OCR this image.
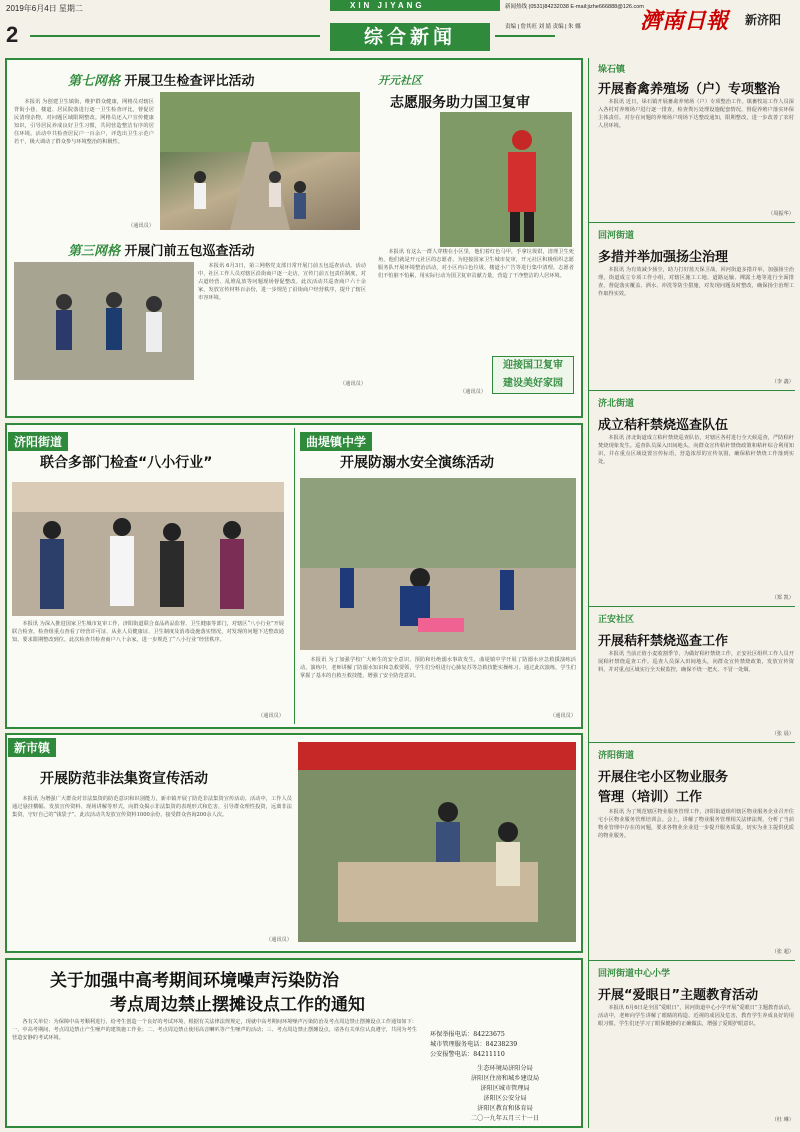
2019年6月4日 星期二	XIN JIYANG	新闻热线 (0531)84232038 E-mail:jizhe666888@126.com
责编 | 詹其旺 刘 婧 责编 | 朱 娜	濟南日報 新济阳
2	综合新闻
第七网格 开展卫生检查评比活动

本报讯 为创建卫生镇街，维护群众健康，网格员对辖区背街小巷、楼道、居民院落进行逐一卫生检查评比，督促居民清理杂物，对问题区域限期整改。网格员还入户宣传健康知识，引导居民养成良好卫生习惯，共同营造整洁有序的居住环境。活动中共检查居民户一百余户，评选出卫生示范户若干，极大调动了群众参与环境整治的积极性。

（通讯员）
第三网格 开展门前五包巡查活动

本报讯 6月3日，第三网格党支部日常开展门前五包巡查活动。活动中，社区工作人员对辖区沿街商户逐一走访，宣传门前五包责任制度，对占道经营、乱堆乱放等问题现场督促整改。此次活动共巡查商户六十余家，发放宣传材料百余份，进一步规范了沿街商户经营秩序，提升了辖区市容环境。

（通讯员）
开元社区
志愿服务助力国卫复审

本报讯 有这么一群人穿梭在小区里，他们着红色马甲，手拿垃圾钳，清理卫生死角，他们就是开元社区的志愿者。为迎接国家卫生城市复审，开元社区积极组织志愿服务队开展环境整治活动，对小区内白色垃圾、楼道小广告等进行集中清理。志愿者们不怕脏不怕累，用实际行动为国卫复审贡献力量，营造了干净整洁的人居环境。

迎接国卫复审
建设美好家园
（通讯员）
济阳街道
联合多部门检查“八小行业”

本报讯 为深入推进国家卫生城市复审工作，济阳街道联合食品药品监督、卫生健康等部门，对辖区“八小行业”开展联合检查。检查组重点查看了经营许可证、从业人员健康证、卫生制度及消毒设施落实情况，对发现的问题下达整改通知，要求限期整改到位。此次检查共检查商户八十余家，进一步规范了“八小行业”经营秩序。

（通讯员）
曲堤镇中学
开展防溺水安全演练活动

本报讯 为了加强学校广大师生的安全意识，预防和杜绝溺水事故发生，曲堤镇中学开展了防溺水应急救援演练活动。演练中，老师讲解了防溺水知识和急救要领，学生们分组进行心肺复苏等急救技能实操练习。通过此次演练，学生们掌握了基本的自救互救技能，增强了安全防范意识。

（通讯员）
新市镇
开展防范非法集资宣传活动

本报讯 为增强广大群众对非法集资的防范意识和识别能力，新市镇开展了防范非法集资宣传活动。活动中，工作人员通过悬挂横幅、发放宣传资料、现场讲解等形式，向群众揭示非法集资的表现形式和危害，引导群众理性投资，远离非法集资，守好自己的“钱袋子”。此次活动共发放宣传资料1000余份，接受群众咨询200余人次。

（通讯员）
关于加强中高考期间环境噪声污染防治
考点周边禁止摆摊设点工作的通知

各有关单位：为保障中高考顺利进行，给考生创造一个良好的考试环境，根据有关法律法规规定，现就中高考期间环境噪声污染防治及考点周边禁止摆摊设点工作通知如下：一、中高考期间，考点周边禁止产生噪声的建筑施工作业；二、考点周边禁止使用高音喇叭等产生噪声的活动；三、考点周边禁止摆摊设点。请各有关单位认真遵守，共同为考生营造安静的考试环境。	环保举报电话：84223675
城市管理服务电话：84238239
公安报警电话：84211110
生态环境局济阳分局
济阳区住房和城乡建设局
济阳区城市管理局
济阳区公安分局
济阳区教育和体育局
二〇一九年五月三十一日
垛石镇
开展畜禽养殖场（户）专项整治

本报讯 近日，垛石镇开展畜禽养殖场（户）专项整治工作。镇畜牧站工作人员深入各村对养殖场户进行逐一排查，检查粪污处理设施配套情况，督促养殖户落实环保主体责任。对存在问题的养殖场户现场下达整改通知，限期整改，进一步改善了农村人居环境。

（周振华）
回河街道
多措并举加强扬尘治理

本报讯 为有效减少扬尘，助力打好蓝天保卫战，回河街道多措并举，加强扬尘治理。街道成立专项工作小组，对辖区施工工地、道路运输、裸露土地等进行全面排查，督促落实覆盖、洒水、冲洗等防尘措施，对发现问题及时整改，确保扬尘治理工作取得实效。

（李 鑫）
济北街道
成立秸秆禁烧巡查队伍

本报讯 济北街道成立秸秆禁烧巡查队伍，对辖区各村进行全天候巡查，严防秸秆焚烧现象发生。巡查队员深入田间地头，向群众宣传秸秆禁烧政策和秸秆综合利用知识，并在重点区域设置宣传标语，营造浓厚的宣传氛围，确保秸秆禁烧工作落到实处。

（郑 凯）
正安社区
开展秸秆禁烧巡查工作

本报讯 当前正值小麦收割季节，为做好秸秆禁烧工作，正安社区组织工作人员开展秸秆禁烧巡查工作。巡查人员深入田间地头，向群众宣传禁烧政策，发放宣传资料，并对重点区域实行全天候监控，确保不烧一把火、不冒一处烟。

（张 晨）
济阳街道
开展住宅小区物业服务
管理（培训）工作

本报讯 为了规范辖区物业服务管理工作，济阳街道组织辖区物业服务企业召开住宅小区物业服务管理培训会。会上，讲解了物业服务管理相关法律法规，分析了当前物业管理中存在的问题，要求各物业企业进一步提升服务质量，切实为业主提供优质的物业服务。

（张 超）
回河街道中心小学
开展“爱眼日”主题教育活动

本报讯 6月6日是全国“爱眼日”，回河街道中心小学开展“爱眼日”主题教育活动。活动中，老师向学生讲解了眼睛的构造、近视的成因及危害，教育学生养成良好的用眼习惯。学生们还学习了眼保健操的正确做法，增强了爱眼护眼意识。

（杜 琳）
